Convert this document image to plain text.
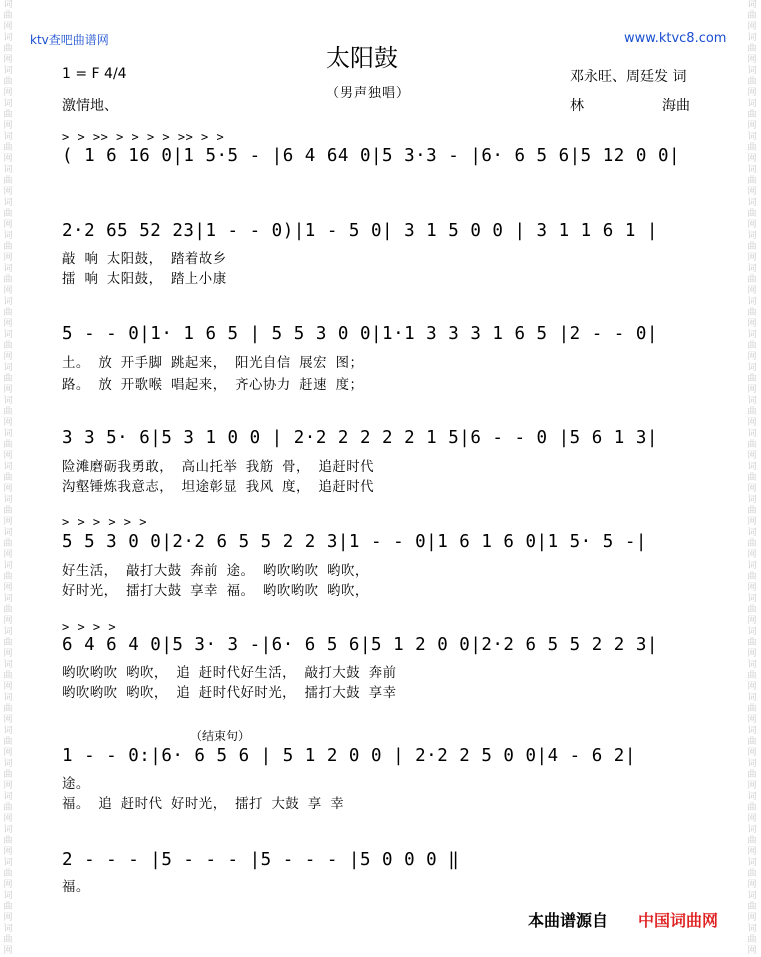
词
曲
网
词
曲
网
词
曲
网
词
曲
网
词
曲
网
词
曲
网
词
曲
网
词
曲
网
词
曲
网
词
曲
网
词
曲
网
词
曲
网
词
曲
网
词
曲
网
词
曲
网
词
曲
网
词
曲
网
词
曲
网
词
曲
网
词
曲
网
词
曲
网
词
曲
网
词
曲
网
词
曲
网
词
曲
网
词
曲
网
词
曲
网
词
曲
网
词
曲
网
词
曲
网
词
曲
网
词
曲
网
词
曲
网
词
曲
网
词
曲
网
词
曲
网
词
曲
网
词
曲
网
词
曲
网
词
曲
网
词
曲
网
词
曲
网
词
曲
网
词
曲
网
词
曲
网
词
曲
网
词
曲
网
词
曲
网
词
曲
网
词
曲
网
词
曲
网
词
曲
网
词
曲
网
词
曲
网
词
曲
网
词
曲
网
词
曲
网
词
曲
网
ktv查吧曲谱网	www.ktvc8.com
太阳鼓
（男声独唱）
1 = F 4/4
激情地、
邓永旺、周廷发 词
林	海曲
> > >> > > > > >> > >
( 1 6 16 0|1 5·5 - |6 4 64 0|5 3·3 - |6· 6 5 6|5 12 0 0|
2·2 65 52 23|1 - - 0)|1 - 5 0| 3 1 5 0 0 | 3 1 1 6 1 |
敲 响 太阳鼓， 踏着故乡
擂 响 太阳鼓， 踏上小康
5 - - 0|1· 1 6 5 | 5 5 3 0 0|1·1 3 3 3 1 6 5 |2 - - 0|
土。 放 开手脚 跳起来， 阳光自信 展宏 图；
路。 放 开歌喉 唱起来， 齐心协力 赶速 度；
3 3 5· 6|5 3 1 0 0 | 2·2 2 2 2 2 1 5|6 - - 0 |5 6 1 3|
险滩磨砺我勇敢， 高山托举 我筋 骨， 追赶时代
沟壑锤炼我意志， 坦途彰显 我风 度， 追赶时代
> > > > > >
5 5 3 0 0|2·2 6 5 5 2 2 3|1 - - 0|1 6 1 6 0|1 5· 5 -|
好生活， 敲打大鼓 奔前 途。 哟吹哟吹 哟吹，
好时光， 擂打大鼓 享幸 福。 哟吹哟吹 哟吹，
> > > >
6 4 6 4 0|5 3· 3 -|6· 6 5 6|5 1 2 0 0|2·2 6 5 5 2 2 3|
哟吹哟吹 哟吹， 追 赶时代好生活， 敲打大鼓 奔前
哟吹哟吹 哟吹， 追 赶时代好时光， 擂打大鼓 享幸
（结束句）
1 - - 0:|6· 6 5 6 | 5 1 2 0 0 | 2·2 2 5 0 0|4 - 6 2|
途。
福。 追 赶时代 好时光， 擂打 大鼓 享 幸
2 - - - |5 - - - |5 - - - |5 0 0 0 ‖
福。
本曲谱源自 中国词曲网
